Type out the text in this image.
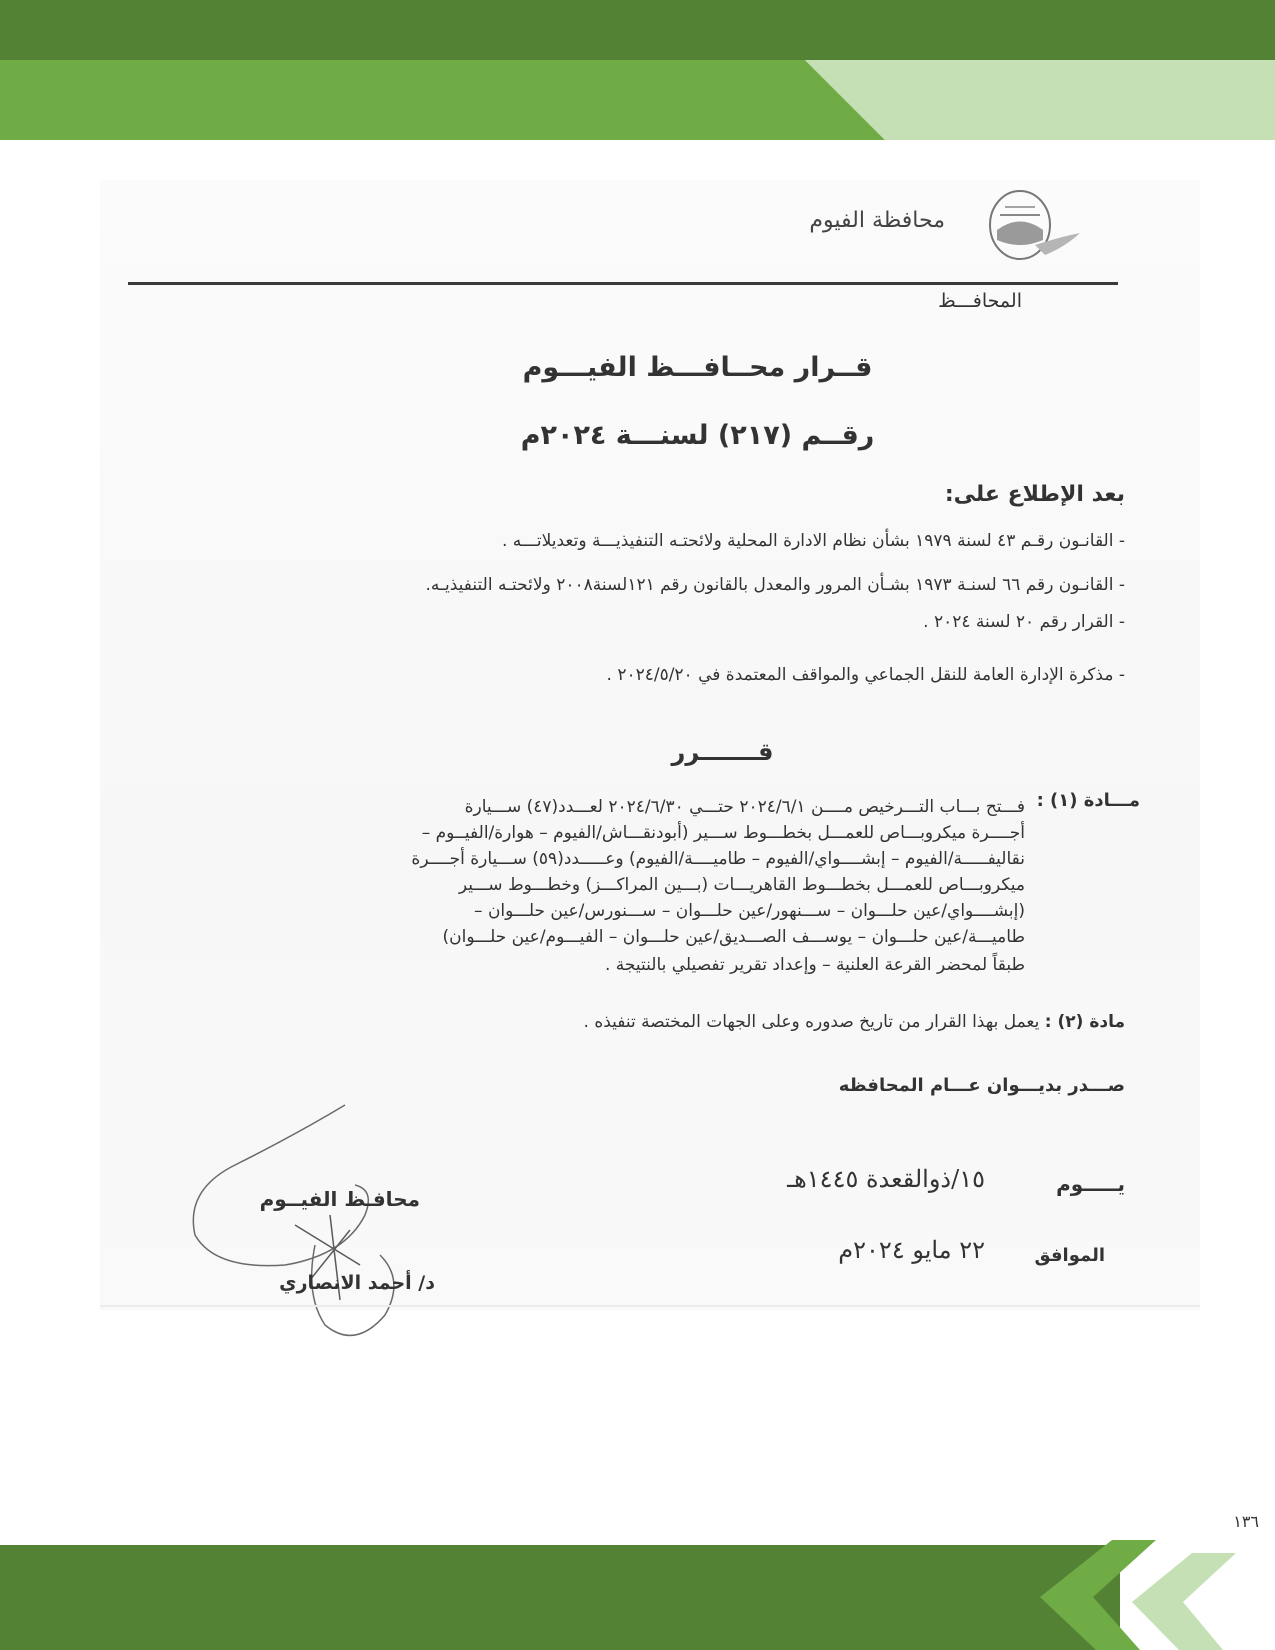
محافظة الفيوم
المحافـــظ
قــرار محــافـــظ الفيـــوم
رقــم (٢١٧) لسنـــة ٢٠٢٤م
بعد الإطلاع على:
- القانـون رقـم ٤٣ لسنة ١٩٧٩ بشأن نظام الادارة المحلية ولائحتـه التنفيذيـــة وتعديلاتـــه .
- القانـون رقم ٦٦ لسنـة ١٩٧٣ بشـأن المرور والمعدل بالقانون رقم ١٢١لسنة٢٠٠٨ ولائحتـه التنفيذيـه.
- القرار رقم ٢٠ لسنة ٢٠٢٤ .
- مذكرة الإدارة العامة للنقل الجماعي والمواقف المعتمدة في ٢٠٢٤/٥/٢٠ .
قـــــــرر
مـــادة (١) :
فـــتح بـــاب التـــرخيص مــــن ٢٠٢٤/٦/١ حتـــي ٢٠٢٤/٦/٣٠ لعـــدد(٤٧) ســـيارة
أجــــرة ميكروبـــاص للعمـــل بخطـــوط ســـير (أبودنقـــاش/الفيوم – هوارة/الفيــوم –
نقاليفـــــة/الفيوم – إبشــــواي/الفيوم – طاميــــة/الفيوم) وعـــــدد(٥٩) ســـيارة أجــــرة
ميكروبـــاص للعمـــل بخطـــوط القاهريـــات (بـــين المراكـــز) وخطـــوط ســـير
(إبشــــواي/عين حلـــوان – ســـنهور/عين حلـــوان – ســـنورس/عين حلـــوان –
طاميـــة/عين حلـــوان – يوســـف الصـــديق/عين حلـــوان – الفيـــوم/عين حلـــوان)
طبقاً لمحضر القرعة العلنية – وإعداد تقرير تفصيلي بالنتيجة .
مادة (٢) : يعمل بهذا القرار من تاريخ صدوره وعلى الجهات المختصة تنفيذه .
صـــدر بديـــوان عـــام المحافظه
يـــــوم
١٥/ذوالقعدة ١٤٤٥هـ
الموافق
٢٢ مايو ٢٠٢٤م
محافـظ الفيــوم
د/ أحمد الانصاري
١٣٦
